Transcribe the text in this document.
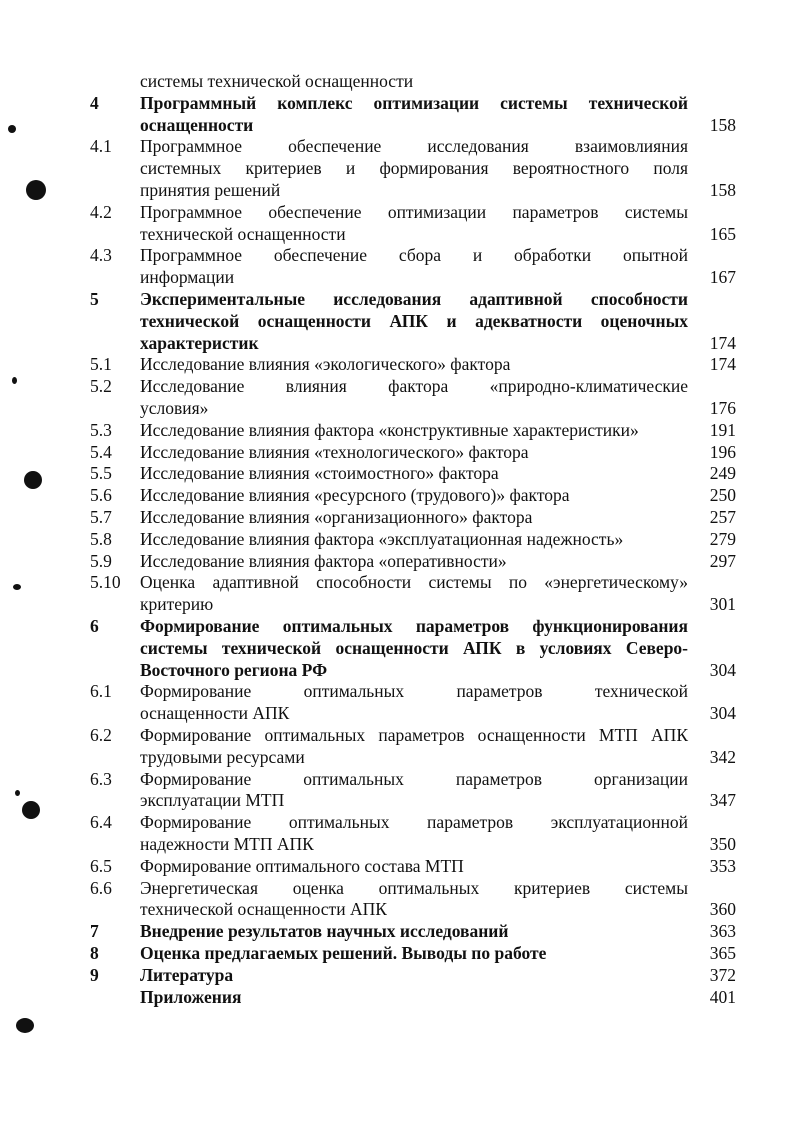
системы технической оснащенности
4	Программный комплекс оптимизации системы технической
оснащенности	158
4.1	Программное обеспечение исследования взаимовлияния
системных критериев и формирования вероятностного поля
принятия решений	158
4.2	Программное обеспечение оптимизации параметров системы
технической оснащенности	165
4.3	Программное обеспечение сбора и обработки опытной
информации	167
5	Экспериментальные исследования адаптивной способности
технической оснащенности АПК и адекватности оценочных
характеристик	174
5.1	Исследование влияния «экологического» фактора	174
5.2	Исследование влияния фактора «природно-климатические
условия»	176
5.3	Исследование влияния фактора «конструктивные характеристики»	191
5.4	Исследование влияния «технологического» фактора	196
5.5	Исследование влияния «стоимостного» фактора	249
5.6	Исследование влияния «ресурсного (трудового)» фактора	250
5.7	Исследование влияния «организационного» фактора	257
5.8	Исследование влияния фактора «эксплуатационная надежность»	279
5.9	Исследование влияния фактора «оперативности»	297
5.10	Оценка адаптивной способности системы по «энергетическому»
критерию	301
6	Формирование оптимальных параметров функционирования
системы технической оснащенности АПК в условиях Северо-
Восточного региона РФ	304
6.1	Формирование оптимальных параметров технической
оснащенности АПК	304
6.2	Формирование оптимальных параметров оснащенности МТП АПК
трудовыми ресурсами	342
6.3	Формирование оптимальных параметров организации
эксплуатации МТП	347
6.4	Формирование оптимальных параметров эксплуатационной
надежности МТП АПК	350
6.5	Формирование оптимального состава МТП	353
6.6	Энергетическая оценка оптимальных критериев системы
технической оснащенности АПК	360
7	Внедрение результатов научных исследований	363
8	Оценка предлагаемых решений. Выводы по работе	365
9	Литература	372
Приложения	401
